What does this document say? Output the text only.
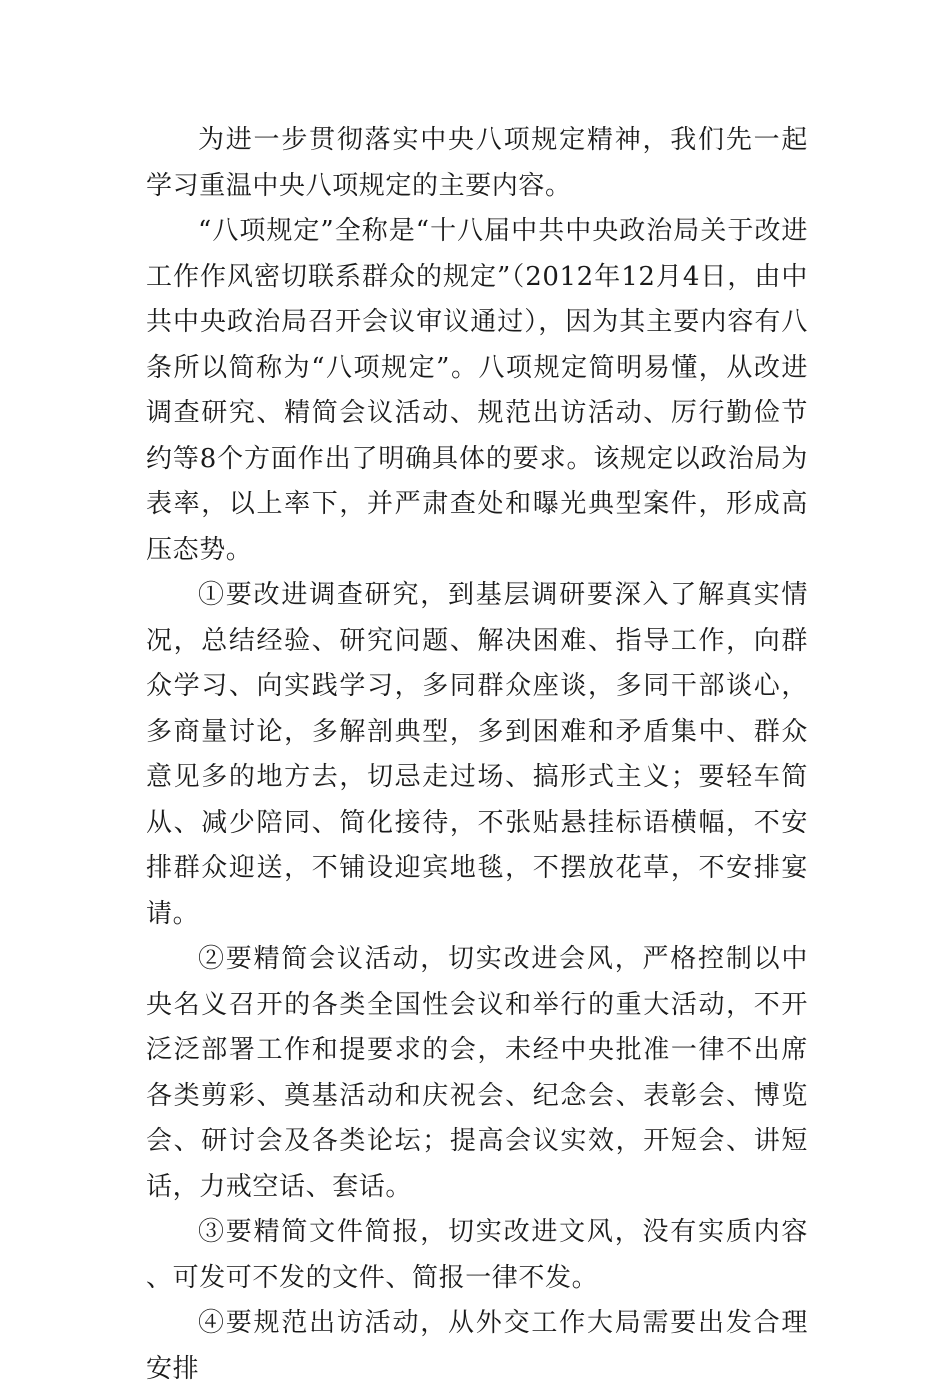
为进一步贯彻落实中央八项规定精神，我们先一起学习重温中央八项规定的主要内容。

“八项规定”全称是“十八届中共中央政治局关于改进工作作风密切联系群众的规定”（2012年12月4日，由中共中央政治局召开会议审议通过），因为其主要内容有八条所以简称为“八项规定”。八项规定简明易懂，从改进调查研究、精简会议活动、规范出访活动、厉行勤俭节约等8个方面作出了明确具体的要求。该规定以政治局为表率，以上率下，并严肃查处和曝光典型案件，形成高压态势。

①要改进调查研究，到基层调研要深入了解真实情况，总结经验、研究问题、解决困难、指导工作，向群众学习、向实践学习，多同群众座谈，多同干部谈心，多商量讨论，多解剖典型，多到困难和矛盾集中、群众意见多的地方去，切忌走过场、搞形式主义；要轻车简从、减少陪同、简化接待，不张贴悬挂标语横幅，不安排群众迎送，不铺设迎宾地毯，不摆放花草，不安排宴请。

②要精简会议活动，切实改进会风，严格控制以中央名义召开的各类全国性会议和举行的重大活动，不开泛泛部署工作和提要求的会，未经中央批准一律不出席各类剪彩、奠基活动和庆祝会、纪念会、表彰会、博览会、研讨会及各类论坛；提高会议实效，开短会、讲短话，力戒空话、套话。

③要精简文件简报，切实改进文风，没有实质内容、可发可不发的文件、简报一律不发。

④要规范出访活动，从外交工作大局需要出发合理安排
